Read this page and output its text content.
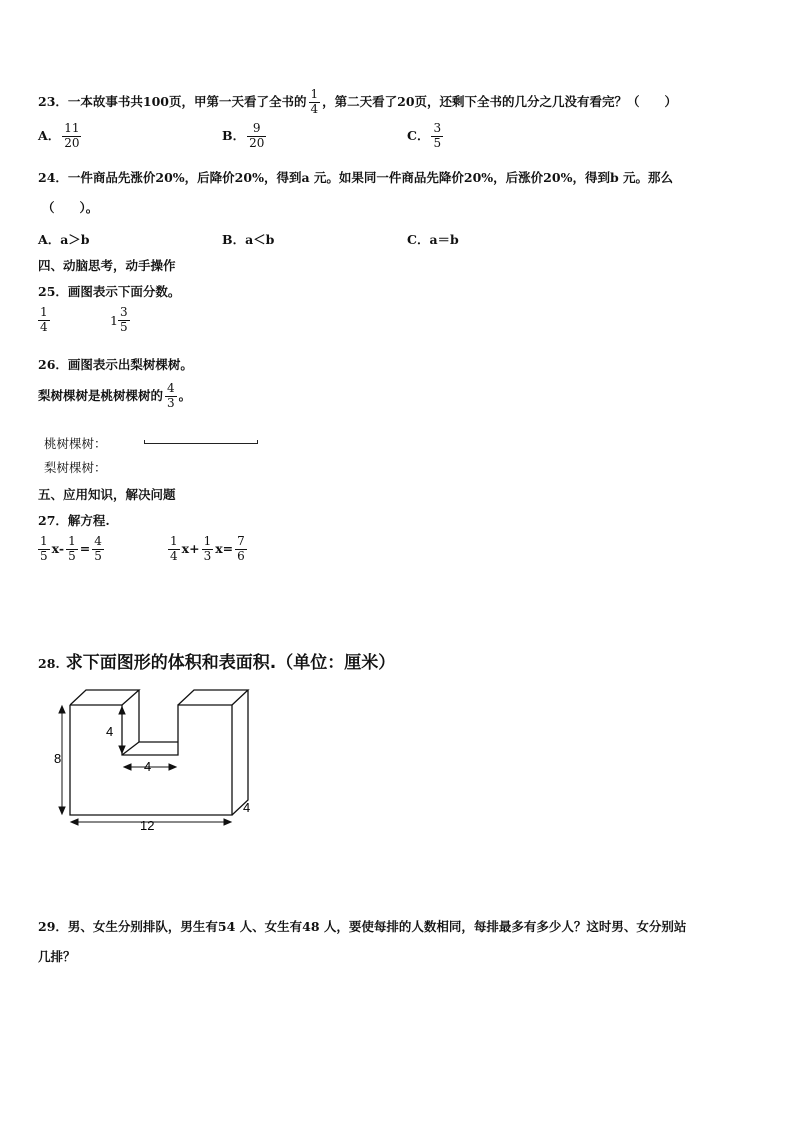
23．一本故事书共100页，甲第一天看了全书的 $\frac{1}{4}$ ，第二天看了20页，还剩下全书的几分之几没有看完？（　　）
A． $\frac{11}{20}$	B． $\frac{9}{20}$	C． $\frac{3}{5}$
24．一件商品先涨价20%，后降价20%，得到a 元。如果同一件商品先降价20%，后涨价20%，得到b 元。那么
（　　）。
A．a＞b	B．a＜b	C．a＝b
四、动脑思考，动手操作
25．画图表示下面分数。
$\frac{1}{4}$	$1 \frac{3}{5}$
26．画图表示出梨树棵树。
梨树棵树是桃树棵树的 $\frac{4}{3}$ 。
桃树棵树：
梨树棵树：
五、应用知识，解决问题
27．解方程.
$\frac{1}{5} x- \frac{1}{5} = \frac{4}{5}$	$\frac{1}{4} x+ \frac{1}{3} x= \frac{7}{6}$
28. 求下面图形的体积和表面积.（单位：厘米）
8
4
4
12
4
29．男、女生分别排队，男生有54 人、女生有48 人，要使每排的人数相同，每排最多有多少人？这时男、女分别站
几排？
